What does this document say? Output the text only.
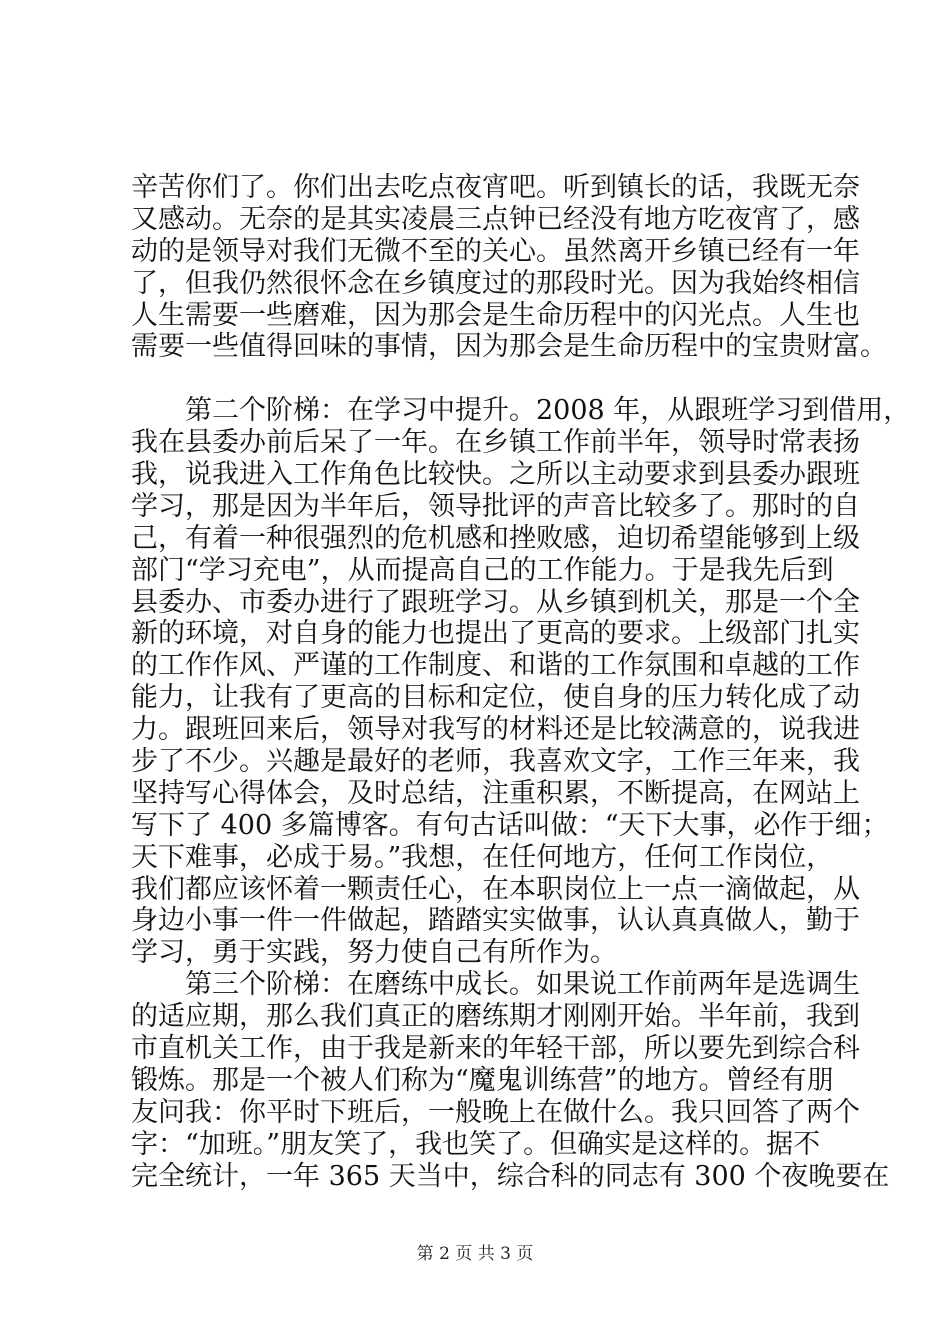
辛苦你们了。你们出去吃点夜宵吧。听到镇长的话，我既无奈
又感动。无奈的是其实凌晨三点钟已经没有地方吃夜宵了，感
动的是领导对我们无微不至的关心。虽然离开乡镇已经有一年
了，但我仍然很怀念在乡镇度过的那段时光。因为我始终相信
人生需要一些磨难，因为那会是生命历程中的闪光点。人生也
需要一些值得回味的事情，因为那会是生命历程中的宝贵财富。
　　第二个阶梯：在学习中提升。2008 年，从跟班学习到借用，
我在县委办前后呆了一年。在乡镇工作前半年，领导时常表扬
我，说我进入工作角色比较快。之所以主动要求到县委办跟班
学习，那是因为半年后，领导批评的声音比较多了。那时的自
己，有着一种很强烈的危机感和挫败感，迫切希望能够到上级
部门“学习充电”，从而提高自己的工作能力。于是我先后到
县委办、市委办进行了跟班学习。从乡镇到机关，那是一个全
新的环境，对自身的能力也提出了更高的要求。上级部门扎实
的工作作风、严谨的工作制度、和谐的工作氛围和卓越的工作
能力，让我有了更高的目标和定位，使自身的压力转化成了动
力。跟班回来后，领导对我写的材料还是比较满意的，说我进
步了不少。兴趣是最好的老师，我喜欢文字，工作三年来，我
坚持写心得体会，及时总结，注重积累，不断提高，在网站上
写下了 400 多篇博客。有句古话叫做：“天下大事，必作于细；
天下难事，必成于易。”我想，在任何地方，任何工作岗位，
我们都应该怀着一颗责任心，在本职岗位上一点一滴做起，从
身边小事一件一件做起，踏踏实实做事，认认真真做人，勤于
学习，勇于实践，努力使自己有所作为。
　　第三个阶梯：在磨练中成长。如果说工作前两年是选调生
的适应期，那么我们真正的磨练期才刚刚开始。半年前，我到
市直机关工作，由于我是新来的年轻干部，所以要先到综合科
锻炼。那是一个被人们称为“魔鬼训练营”的地方。曾经有朋
友问我：你平时下班后，一般晚上在做什么。我只回答了两个
字：“加班。”朋友笑了，我也笑了。但确实是这样的。据不
完全统计，一年 365 天当中，综合科的同志有 300 个夜晚要在
第 2 页 共 3 页
